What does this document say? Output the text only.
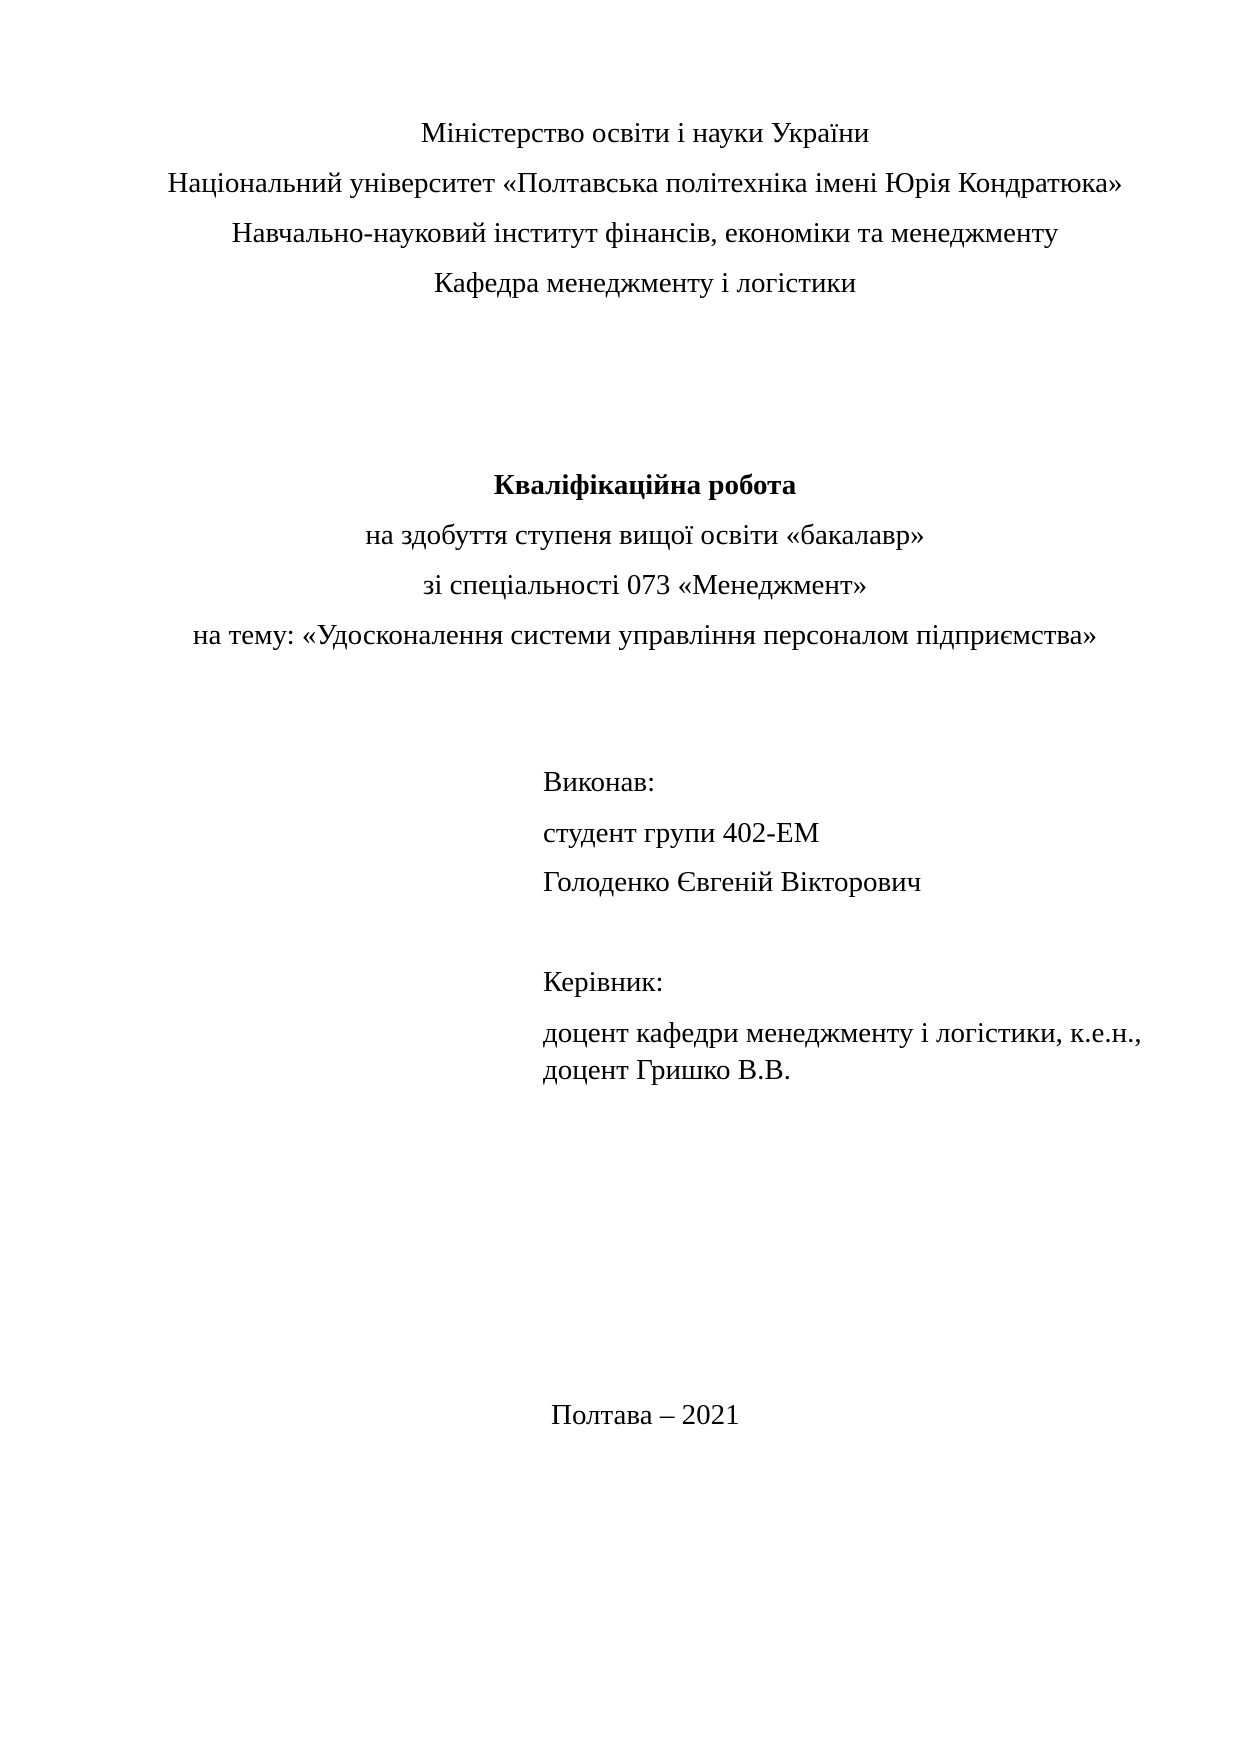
Міністерство освіти і науки України
Національний університет «Полтавська політехніка імені Юрія Кондратюка»
Навчально-науковий інститут фінансів, економіки та менеджменту
Кафедра менеджменту і логістики
Кваліфікаційна робота
на здобуття ступеня вищої освіти «бакалавр»
зі спеціальності 073 «Менеджмент»
на тему: «Удосконалення системи управління персоналом підприємства»
Виконав:
студент групи 402-ЕМ
Голоденко Євгеній Вікторович
Керівник:
доцент кафедри менеджменту і логістики, к.е.н.,
доцент Гришко В.В.
Полтава – 2021
